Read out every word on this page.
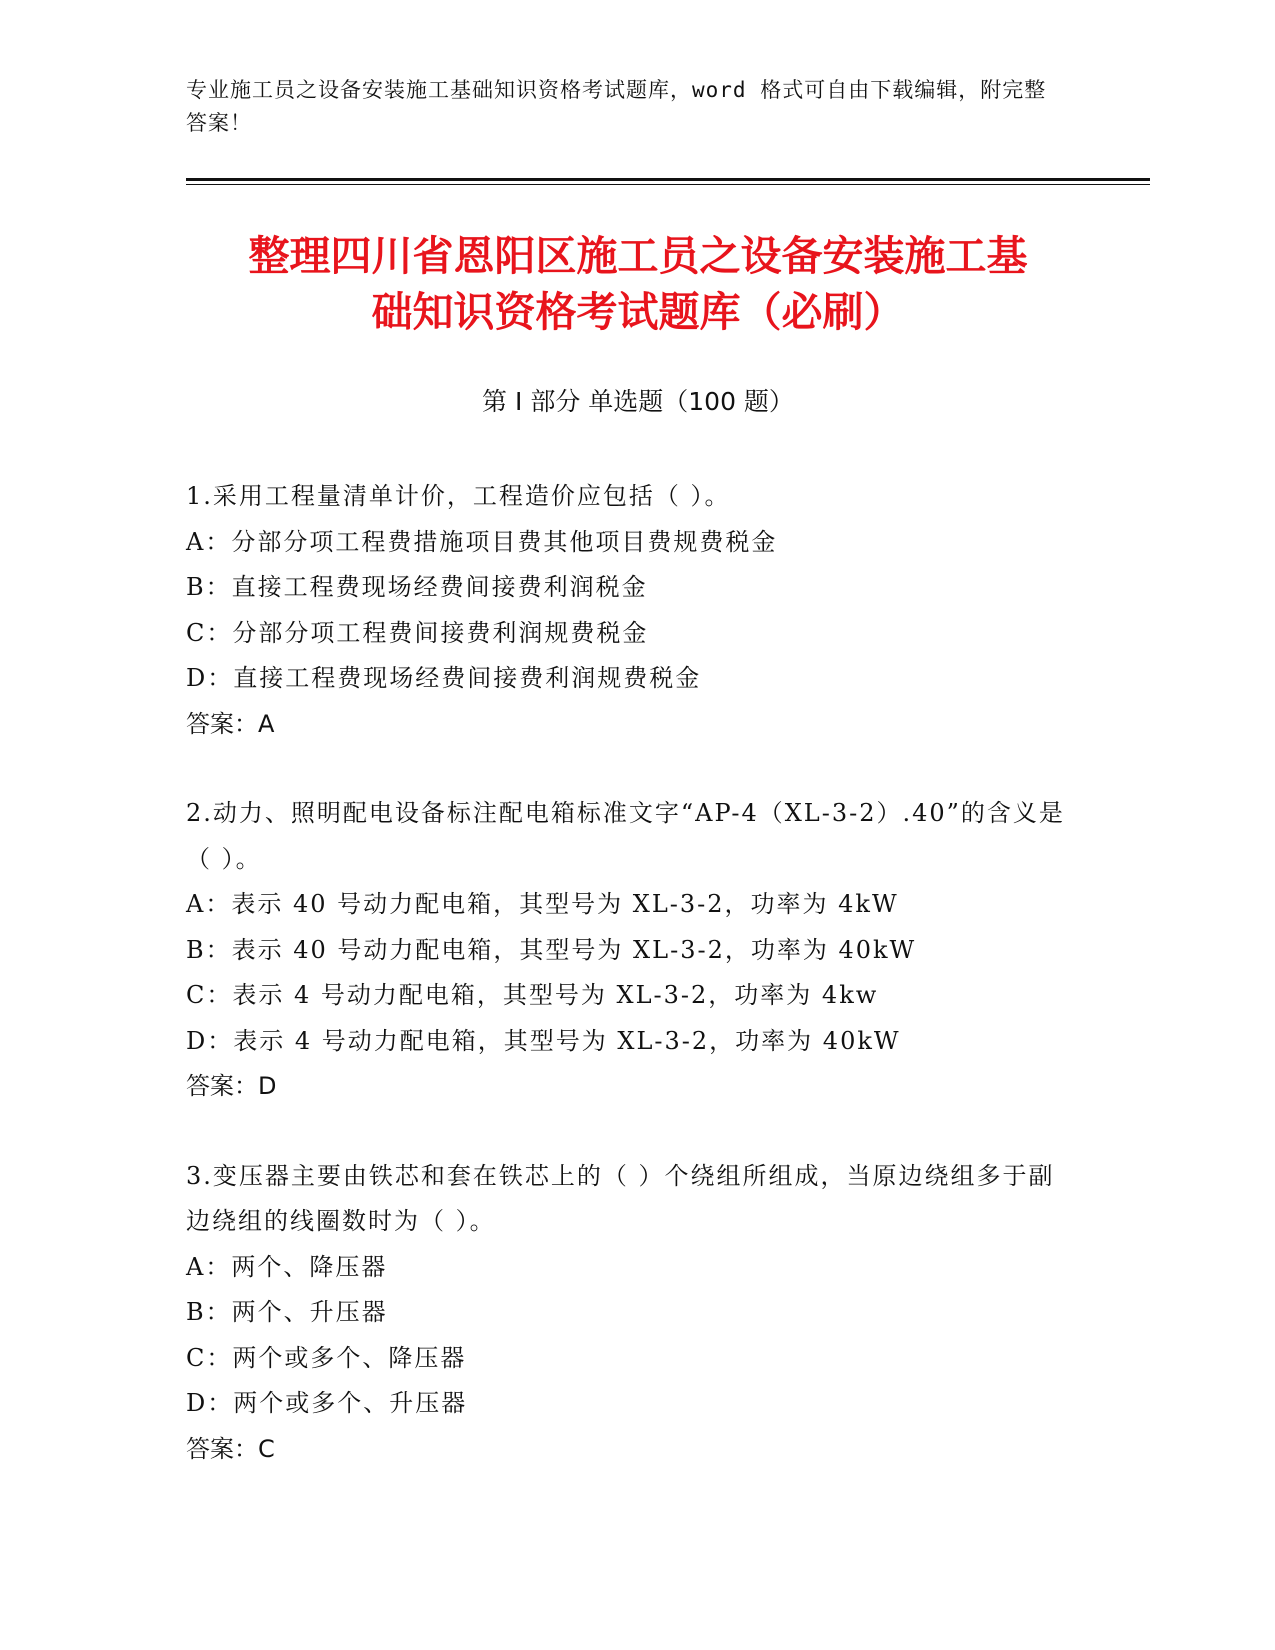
专业施工员之设备安装施工基础知识资格考试题库，word 格式可自由下载编辑，附完整答案！
整理四川省恩阳区施工员之设备安装施工基
础知识资格考试题库（必刷）
第 I 部分 单选题（100 题）
1.采用工程量清单计价，工程造价应包括（ ）。
A：分部分项工程费措施项目费其他项目费规费税金
B：直接工程费现场经费间接费利润税金
C：分部分项工程费间接费利润规费税金
D：直接工程费现场经费间接费利润规费税金
答案：A
2.动力、照明配电设备标注配电箱标准文字“AP-4（XL-3-2）.40”的含义是（ ）。
A：表示 40 号动力配电箱，其型号为 XL-3-2，功率为 4kW
B：表示 40 号动力配电箱，其型号为 XL-3-2，功率为 40kW
C：表示 4 号动力配电箱，其型号为 XL-3-2，功率为 4kw
D：表示 4 号动力配电箱，其型号为 XL-3-2，功率为 40kW
答案：D
3.变压器主要由铁芯和套在铁芯上的（ ）个绕组所组成，当原边绕组多于副边绕组的线圈数时为（ ）。
A：两个、降压器
B：两个、升压器
C：两个或多个、降压器
D：两个或多个、升压器
答案：C
